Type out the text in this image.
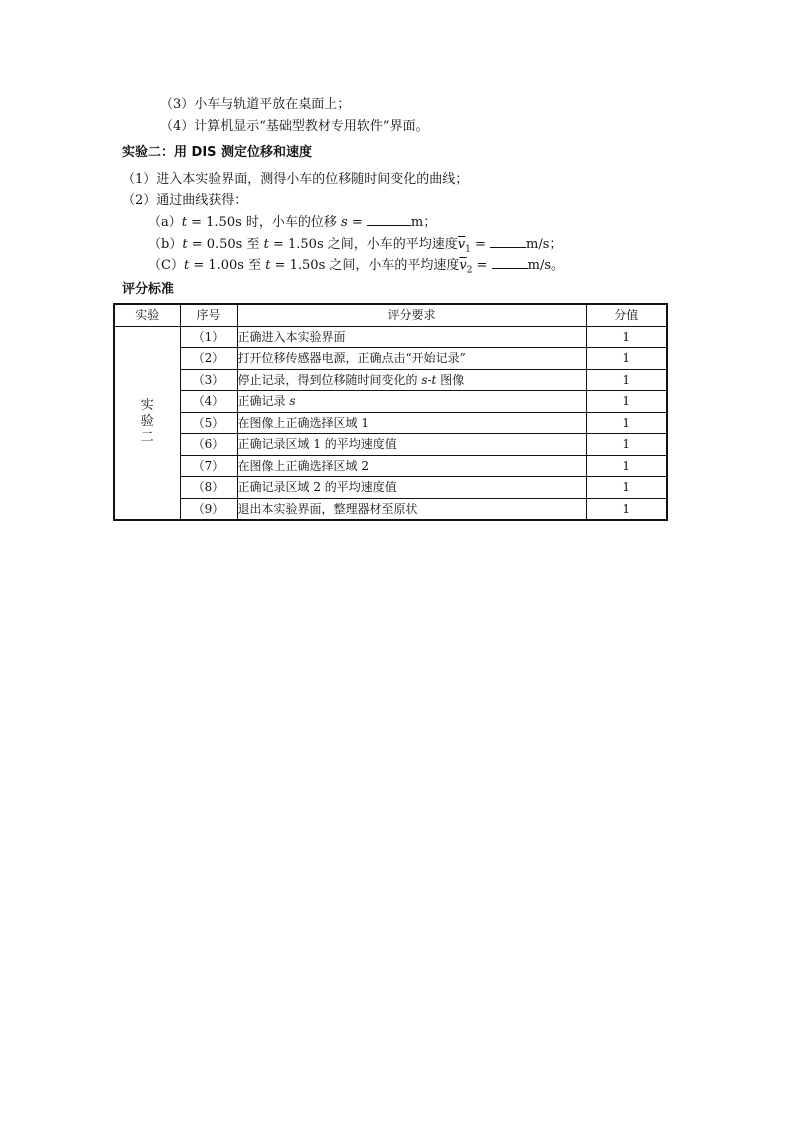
（3）小车与轨道平放在桌面上；
（4）计算机显示“基础型教材专用软件”界面。
实验二：用 DIS 测定位移和速度
（1）进入本实验界面，测得小车的位移随时间变化的曲线；
（2）通过曲线获得：
（a）t = 1.50s 时，小车的位移 s =	m；
（b）t = 0.50s 至 t = 1.50s 之间，小车的平均速度$\overline{v}_1$ =	m/s；
（C）t = 1.00s 至 t = 1.50s 之间，小车的平均速度$\overline{v}_2$ =	m/s。
评分标准
实验	序号	评分要求	分值
实验二	（1）	正确进入本实验界面	1
	（2）	打开位移传感器电源，正确点击“开始记录”	1
	（3）	停止记录，得到位移随时间变化的 s-t 图像	1
	（4）	正确记录 s	1
	（5）	在图像上正确选择区域 1	1
	（6）	正确记录区域 1 的平均速度值	1
	（7）	在图像上正确选择区域 2	1
	（8）	正确记录区域 2 的平均速度值	1
	（9）	退出本实验界面，整理器材至原状	1
